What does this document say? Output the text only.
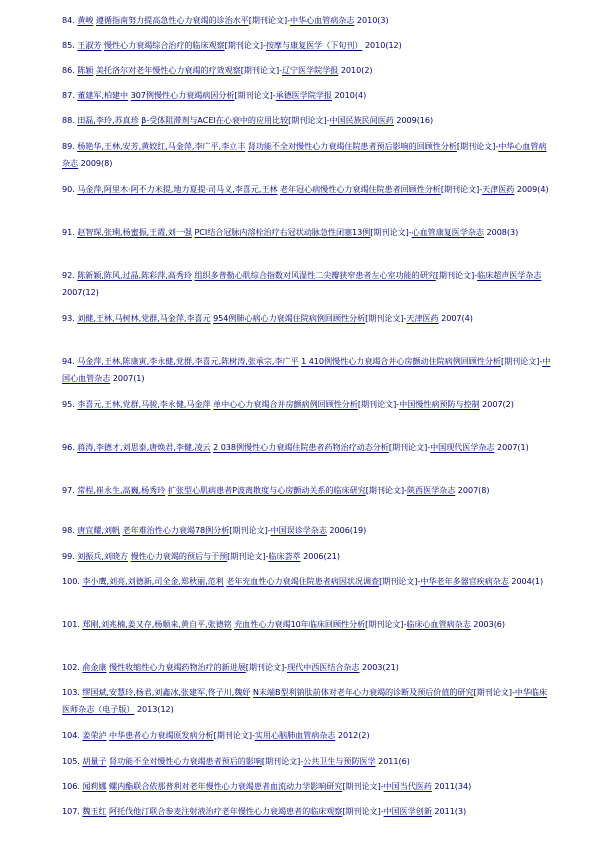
84. 黄峻 遵循指南努力提高急性心力衰竭的诊治水平[期刊论文]-中华心血管病杂志 2010(3)
85. 王淑芳 慢性心力衰竭综合治疗的临床观察[期刊论文]-按摩与康复医学（下旬刊） 2010(12)
86. 陈颖 美托洛尔对老年慢性心力衰竭的疗效观察[期刊论文]-辽宁医学院学报 2010(2)
87. 董建军,柏建中 307例慢性心力衰竭病因分析[期刊论文]-承德医学院学报 2010(4)
88. 田磊,李玲,苏真珍 β-受体阻滞剂与ACEI在心衰中的应用比较[期刊论文]-中国民族民间医药 2009(16)
89. 杨艳华,王林,安芳,黄姣红,马金萍,李广平,李立丰 肾功能不全对慢性心力衰竭住院患者预后影响的回顾性分析[期刊论文]-中华心血管病杂志 2009(8)
90. 马金萍,阿里木·阿不力米提,地力夏提·司马义,李喜元,王林 老年冠心病慢性心力衰竭住院患者回顾性分析[期刊论文]-天津医药 2009(4)
91. 赵智琛,张琍,杨蜜振,王霞,刘一强 PCI结合冠脉内溶栓治疗右冠状动脉急性闭塞13例[期刊论文]-心血管康复医学杂志 2008(3)
92. 陈新颖,陈风,过晶,陈彩萍,高秀玲 组织多普勒心肌综合指数对风湿性二尖瓣狭窄患者左心室功能的研究[期刊论文]-临床超声医学杂志 2007(12)
93. 刘健,王林,马树林,党群,马金萍,李喜元 954例肺心病心力衰竭住院病例回顾性分析[期刊论文]-天津医药 2007(4)
94. 马金萍,王林,陈康寅,李永健,党群,李喜元,陈树涛,张承宗,李广平 1 410例慢性心力衰竭合并心房颤动住院病例回顾性分析[期刊论文]-中国心血管杂志 2007(1)
95. 李喜元,王林,党群,马骏,李永健,马金萍 单中心心力衰竭合并房颤病例回顾性分析[期刊论文]-中国慢性病预防与控制 2007(2)
96. 蒋涛,李德才,刘思泰,唐焕君,李健,凌云 2 038例慢性心力衰竭住院患者药物治疗动态分析[期刊论文]-中国现代医学杂志 2007(1)
97. 常程,崔永生,高巍,杨秀玲 扩张型心肌病患者P波离散度与心房颤动关系的临床研究[期刊论文]-陕西医学杂志 2007(8)
98. 唐宜耀,刘帆 老年难治性心力衰竭78例分析[期刊论文]-中国误诊学杂志 2006(19)
99. 刘振兵,刘晓方 慢性心力衰竭的预后与干预[期刊论文]-临床荟萃 2006(21)
100. 李小鹰,刘亮,刘德新,司全金,郑秋丽,范利 老年充血性心力衰竭住院患者病因状况调查[期刊论文]-中华老年多器官疾病杂志 2004(1)
101. 郑刚,刘兆楠,姜又存,杨顺来,黄自平,张德铭 充血性心力衰竭10年临床回顾性分析[期刊论文]-临床心血管病杂志 2003(6)
102. 俞金康 慢性收缩性心力衰竭药物治疗的新进展[期刊论文]-现代中西医结合杂志 2003(21)
103. 缪国斌,安慧玲,杨君,刘鑫冰,张建军,佟子川,魏妤 N末端B型利钠肽前体对老年心力衰竭的诊断及预后价值的研究[期刊论文]-中华临床医师杂志（电子版） 2013(12)
104. 姜荣泸 中华患者心力衰竭原发病分析[期刊论文]-实用心脑肺血管病杂志 2012(2)
105. 胡量子 肾功能不全对慢性心力衰竭患者预后的影响[期刊论文]-公共卫生与预防医学 2011(6)
106. 闻莉娜 螺内酯联合依那普利对老年慢性心力衰竭患者血流动力学影响研究[期刊论文]-中国当代医药 2011(34)
107. 魏玉红 阿托伐他汀联合参麦注射液治疗老年慢性心力衰竭患者的临床观察[期刊论文]-中国医学创新 2011(3)
